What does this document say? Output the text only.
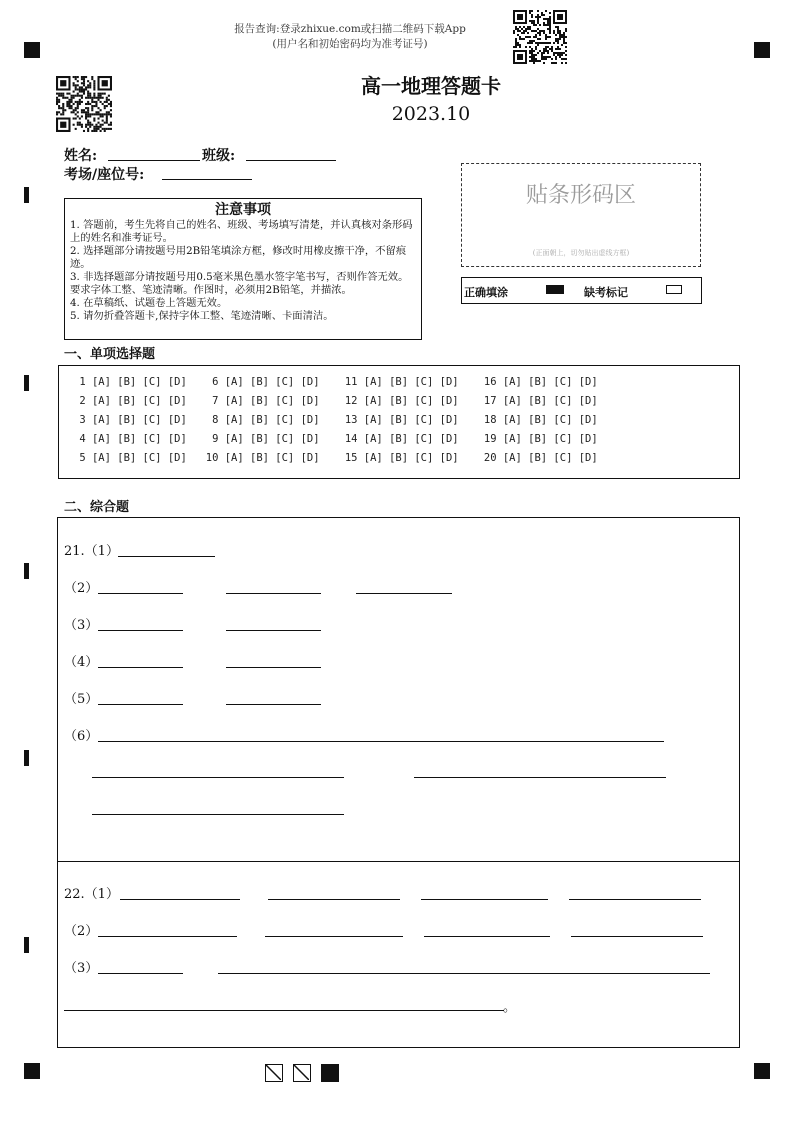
报告查询:登录zhixue.com或扫描二维码下载App
(用户名和初始密码均为准考证号)
高一地理答题卡
2023.10
姓名:	班级:
考场/座位号:
注意事项

1. 答题前，考生先将自己的姓名、班级、考场填写清楚，并认真核对条形码上的姓名和准考证号。

2. 选择题部分请按题号用2B铅笔填涂方框，修改时用橡皮擦干净，不留痕迹。

3. 非选择题部分请按题号用0.5毫米黑色墨水签字笔书写，否则作答无效。要求字体工整、笔迹清晰。作图时，必须用2B铅笔，并描浓。

4. 在草稿纸、试题卷上答题无效。

5. 请勿折叠答题卡,保持字体工整、笔迹清晰、卡面清洁。

贴条形码区
(正面朝上，切勿贴出虚线方框)
正确填涂	缺考标记
一、单项选择题
1 [A] [B] [C] [D]    6 [A] [B] [C] [D]    11 [A] [B] [C] [D]    16 [A] [B] [C] [D]
2 [A] [B] [C] [D]    7 [A] [B] [C] [D]    12 [A] [B] [C] [D]    17 [A] [B] [C] [D]
3 [A] [B] [C] [D]    8 [A] [B] [C] [D]    13 [A] [B] [C] [D]    18 [A] [B] [C] [D]
4 [A] [B] [C] [D]    9 [A] [B] [C] [D]    14 [A] [B] [C] [D]    19 [A] [B] [C] [D]
5 [A] [B] [C] [D]   10 [A] [B] [C] [D]    15 [A] [B] [C] [D]    20 [A] [B] [C] [D]
二、综合题
21.（1）
（2）
（3）
（4）
（5）
（6）
22.（1）
（2）
（3）
。
